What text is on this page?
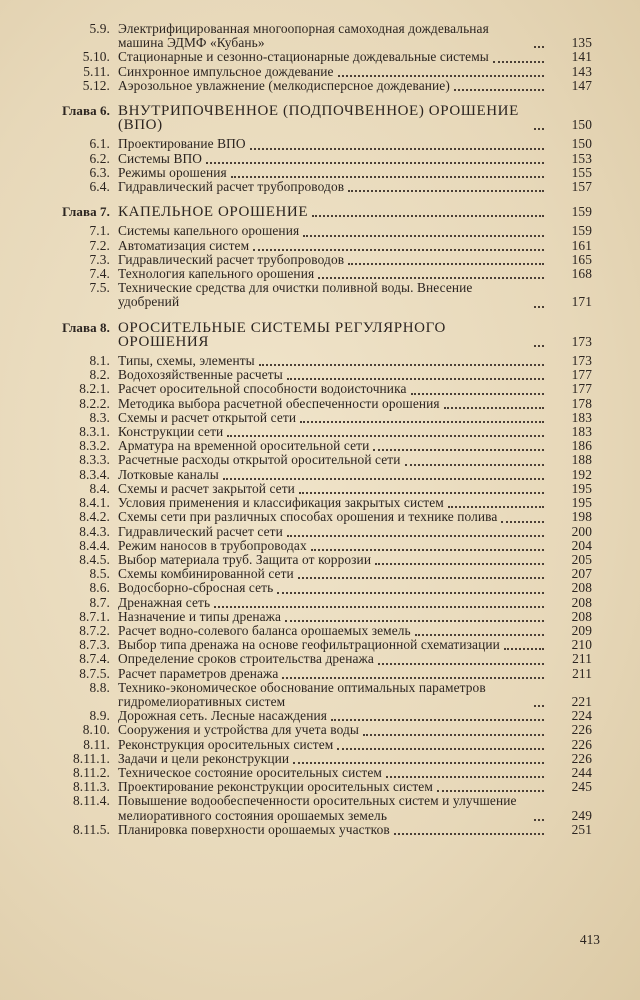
5.9. Электрифицированная многоопорная самоходная дождевальная машина ЭДМФ «Кубань»	135
5.10. Стационарные и сезонно-стационарные дождевальные системы	141
5.11. Синхронное импульсное дождевание	143
5.12. Аэрозольное увлажнение (мелкодисперсное дождевание)	147
Глава 6. ВНУТРИПОЧВЕННОЕ (ПОДПОЧВЕННОЕ) ОРОШЕНИЕ (ВПО)	150
6.1. Проектирование ВПО	150
6.2. Системы ВПО	153
6.3. Режимы орошения	155
6.4. Гидравлический расчет трубопроводов	157
Глава 7. КАПЕЛЬНОЕ ОРОШЕНИЕ	159
7.1. Системы капельного орошения	159
7.2. Автоматизация систем	161
7.3. Гидравлический расчет трубопроводов	165
7.4. Технология капельного орошения	168
7.5. Технические средства для очистки поливной воды. Внесение удобрений	171
Глава 8. ОРОСИТЕЛЬНЫЕ СИСТЕМЫ РЕГУЛЯРНОГО ОРОШЕНИЯ	173
8.1. Типы, схемы, элементы	173
8.2. Водохозяйственные расчеты	177
8.2.1. Расчет оросительной способности водоисточника	177
8.2.2. Методика выбора расчетной обеспеченности орошения	178
8.3. Схемы и расчет открытой сети	183
8.3.1. Конструкции сети	183
8.3.2. Арматура на временной оросительной сети	186
8.3.3. Расчетные расходы открытой оросительной сети	188
8.3.4. Лотковые каналы	192
8.4. Схемы и расчет закрытой сети	195
8.4.1. Условия применения и классификация закрытых систем	195
8.4.2. Схемы сети при различных способах орошения и технике полива	198
8.4.3. Гидравлический расчет сети	200
8.4.4. Режим наносов в трубопроводах	204
8.4.5. Выбор материала труб. Защита от коррозии	205
8.5. Схемы комбинированной сети	207
8.6. Водосборно-сбросная сеть	208
8.7. Дренажная сеть	208
8.7.1. Назначение и типы дренажа	208
8.7.2. Расчет водно-солевого баланса орошаемых земель	209
8.7.3. Выбор типа дренажа на основе геофильтрационной схематизации	210
8.7.4. Определение сроков строительства дренажа	211
8.7.5. Расчет параметров дренажа	211
8.8. Технико-экономическое обоснование оптимальных параметров гидромелиоративных систем	221
8.9. Дорожная сеть. Лесные насаждения	224
8.10. Сооружения и устройства для учета воды	226
8.11. Реконструкция оросительных систем	226
8.11.1. Задачи и цели реконструкции	226
8.11.2. Техническое состояние оросительных систем	244
8.11.3. Проектирование реконструкции оросительных систем	245
8.11.4. Повышение водообеспеченности оросительных систем и улучшение мелиоративного состояния орошаемых земель	249
8.11.5. Планировка поверхности орошаемых участков	251
413
